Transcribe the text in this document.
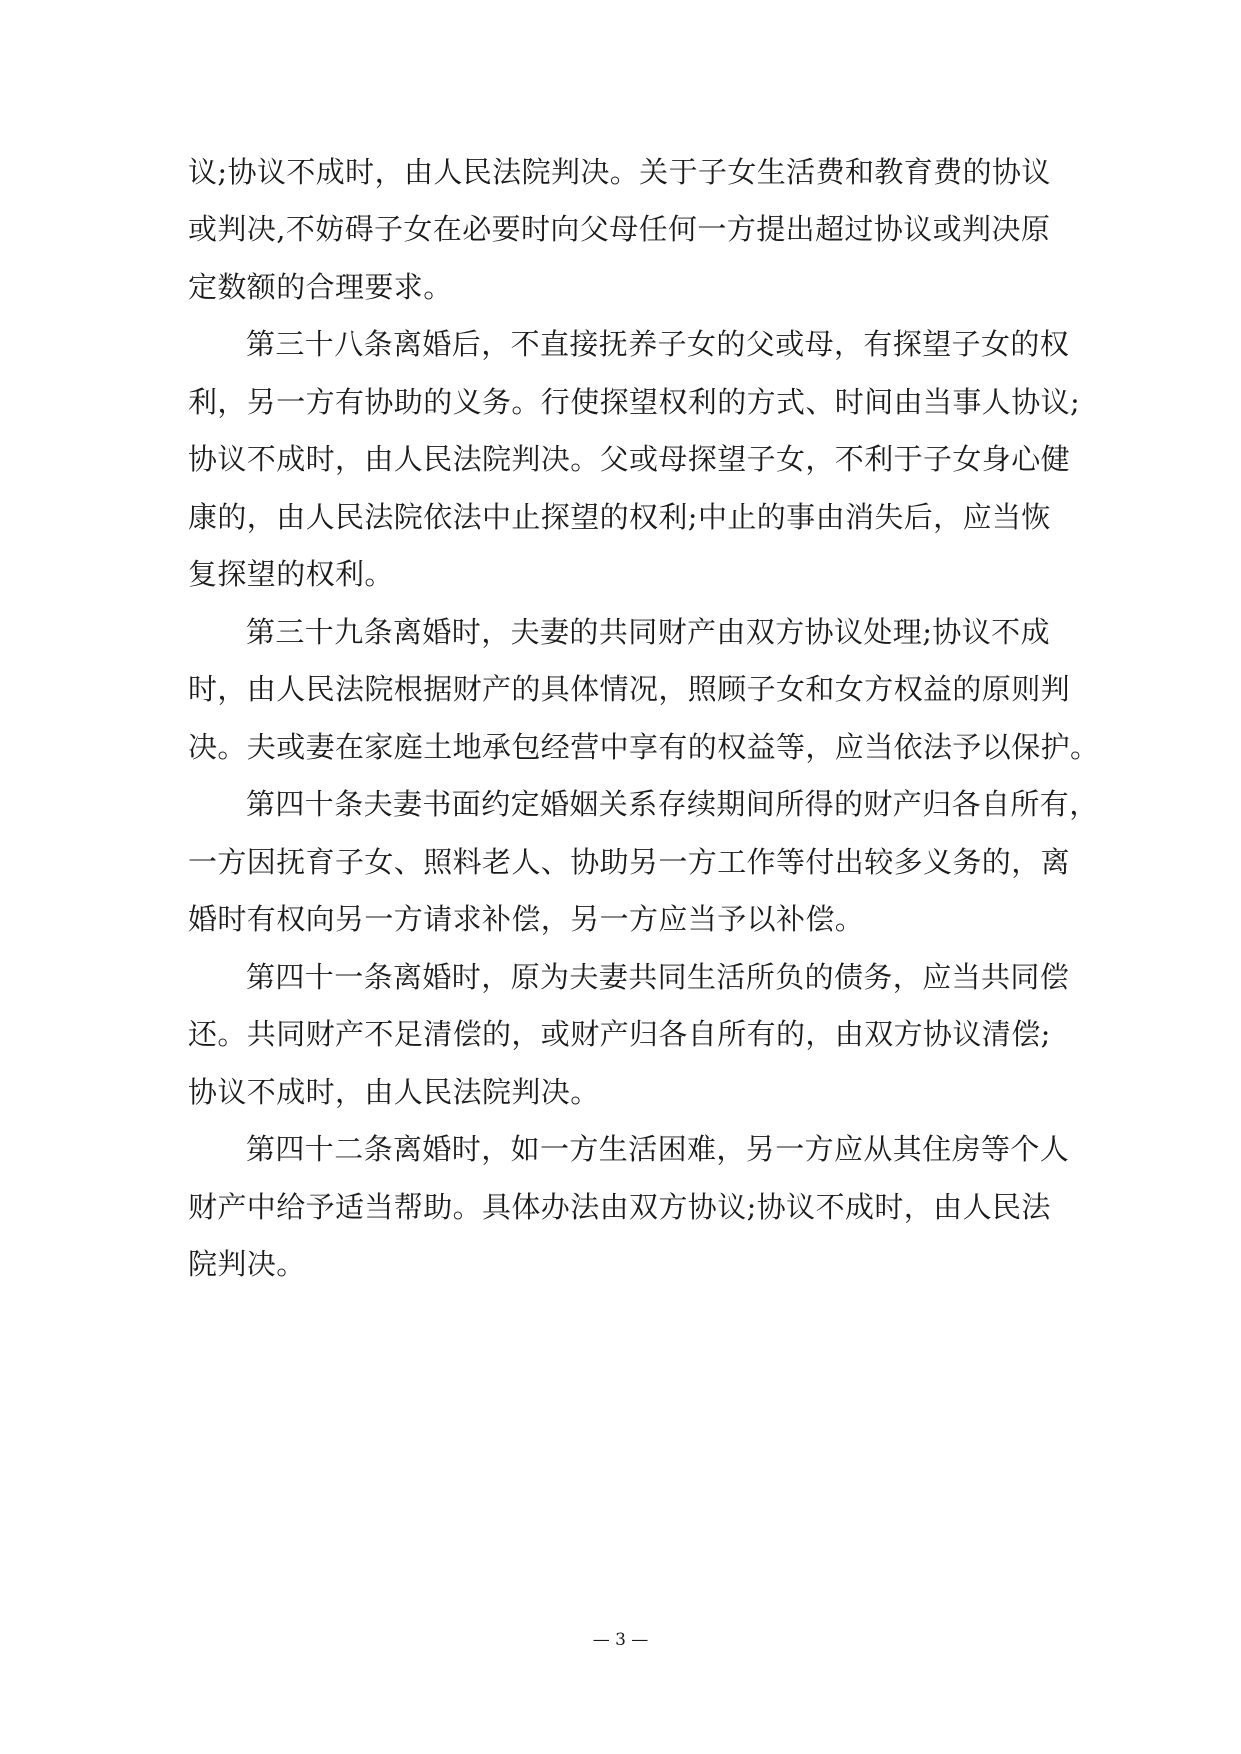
议;协议不成时，由人民法院判决。关于子女生活费和教育费的协议
或判决,不妨碍子女在必要时向父母任何一方提出超过协议或判决原
定数额的合理要求。
第三十八条离婚后，不直接抚养子女的父或母，有探望子女的权
利，另一方有协助的义务。行使探望权利的方式、时间由当事人协议;
协议不成时，由人民法院判决。父或母探望子女，不利于子女身心健
康的，由人民法院依法中止探望的权利;中止的事由消失后，应当恢
复探望的权利。
第三十九条离婚时，夫妻的共同财产由双方协议处理;协议不成
时，由人民法院根据财产的具体情况，照顾子女和女方权益的原则判
决。夫或妻在家庭土地承包经营中享有的权益等，应当依法予以保护。
第四十条夫妻书面约定婚姻关系存续期间所得的财产归各自所有，
一方因抚育子女、照料老人、协助另一方工作等付出较多义务的，离
婚时有权向另一方请求补偿，另一方应当予以补偿。
第四十一条离婚时，原为夫妻共同生活所负的债务，应当共同偿
还。共同财产不足清偿的，或财产归各自所有的，由双方协议清偿;
协议不成时，由人民法院判决。
第四十二条离婚时，如一方生活困难，另一方应从其住房等个人
财产中给予适当帮助。具体办法由双方协议;协议不成时，由人民法
院判决。
— 3 —
